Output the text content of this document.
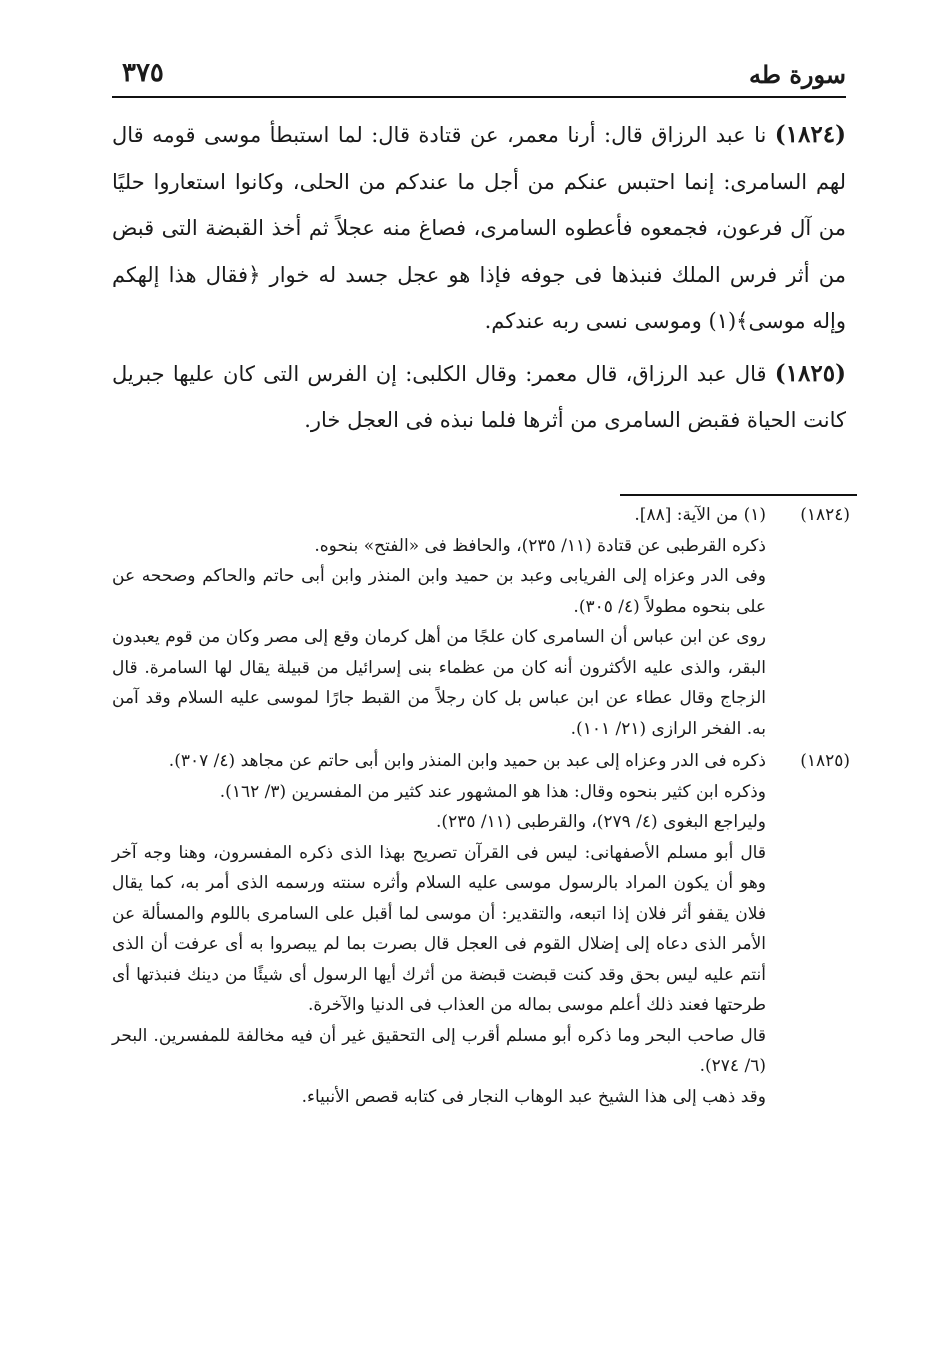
سورة طه
٣٧٥

(١٨٢٤) نا عبد الرزاق قال: أرنا معمر، عن قتادة قال: لما استبطأ موسى قومه قال لهم السامرى: إنما احتبس عنكم من أجل ما عندكم من الحلى، وكانوا استعاروا حليًا من آل فرعون، فجمعوه فأعطوه السامرى، فصاغ منه عجلاً ثم أخذ القبضة التى قبض من أثر فرس الملك فنبذها فى جوفه فإذا هو عجل جسد له خوار ﴿فقال هذا إلهكم وإله موسى﴾(١) وموسى نسى ربه عندكم.

(١٨٢٥) قال عبد الرزاق، قال معمر: وقال الكلبى: إن الفرس التى كان عليها جبريل كانت الحياة فقبض السامرى من أثرها فلما نبذه فى العجل خار.

(١٨٢٤)

(١) من الآية: [٨٨].

ذكره القرطبى عن قتادة (١١/ ٢٣٥)، والحافظ فى «الفتح» بنحوه.

وفى الدر وعزاه إلى الفريابى وعبد بن حميد وابن المنذر وابن أبى حاتم والحاكم وصححه عن على بنحوه مطولاً (٤/ ٣٠٥).

روى عن ابن عباس أن السامرى كان علجًا من أهل كرمان وقع إلى مصر وكان من قوم يعبدون البقر، والذى عليه الأكثرون أنه كان من عظماء بنى إسرائيل من قبيلة يقال لها السامرة. قال الزجاج وقال عطاء عن ابن عباس بل كان رجلاً من القبط جارًا لموسى عليه السلام وقد آمن به. الفخر الرازى (٢١/ ١٠١).

(١٨٢٥)

ذكره فى الدر وعزاه إلى عبد بن حميد وابن المنذر وابن أبى حاتم عن مجاهد (٤/ ٣٠٧).

وذكره ابن كثير بنحوه وقال: هذا هو المشهور عند كثير من المفسرين (٣/ ١٦٢).

وليراجع البغوى (٤/ ٢٧٩)، والقرطبى (١١/ ٢٣٥).

قال أبو مسلم الأصفهانى: ليس فى القرآن تصريح بهذا الذى ذكره المفسرون، وهنا وجه آخر وهو أن يكون المراد بالرسول موسى عليه السلام وأثره سنته ورسمه الذى أمر به، كما يقال فلان يقفو أثر فلان إذا اتبعه، والتقدير: أن موسى لما أقبل على السامرى باللوم والمسألة عن الأمر الذى دعاه إلى إضلال القوم فى العجل قال بصرت بما لم يبصروا به أى عرفت أن الذى أنتم عليه ليس بحق وقد كنت قبضت قبضة من أثرك أيها الرسول أى شيئًا من دينك فنبذتها أى طرحتها فعند ذلك أعلم موسى بماله من العذاب فى الدنيا والآخرة.

قال صاحب البحر وما ذكره أبو مسلم أقرب إلى التحقيق غير أن فيه مخالفة للمفسرين. البحر (٦/ ٢٧٤).

وقد ذهب إلى هذا الشيخ عبد الوهاب النجار فى كتابه قصص الأنبياء.
